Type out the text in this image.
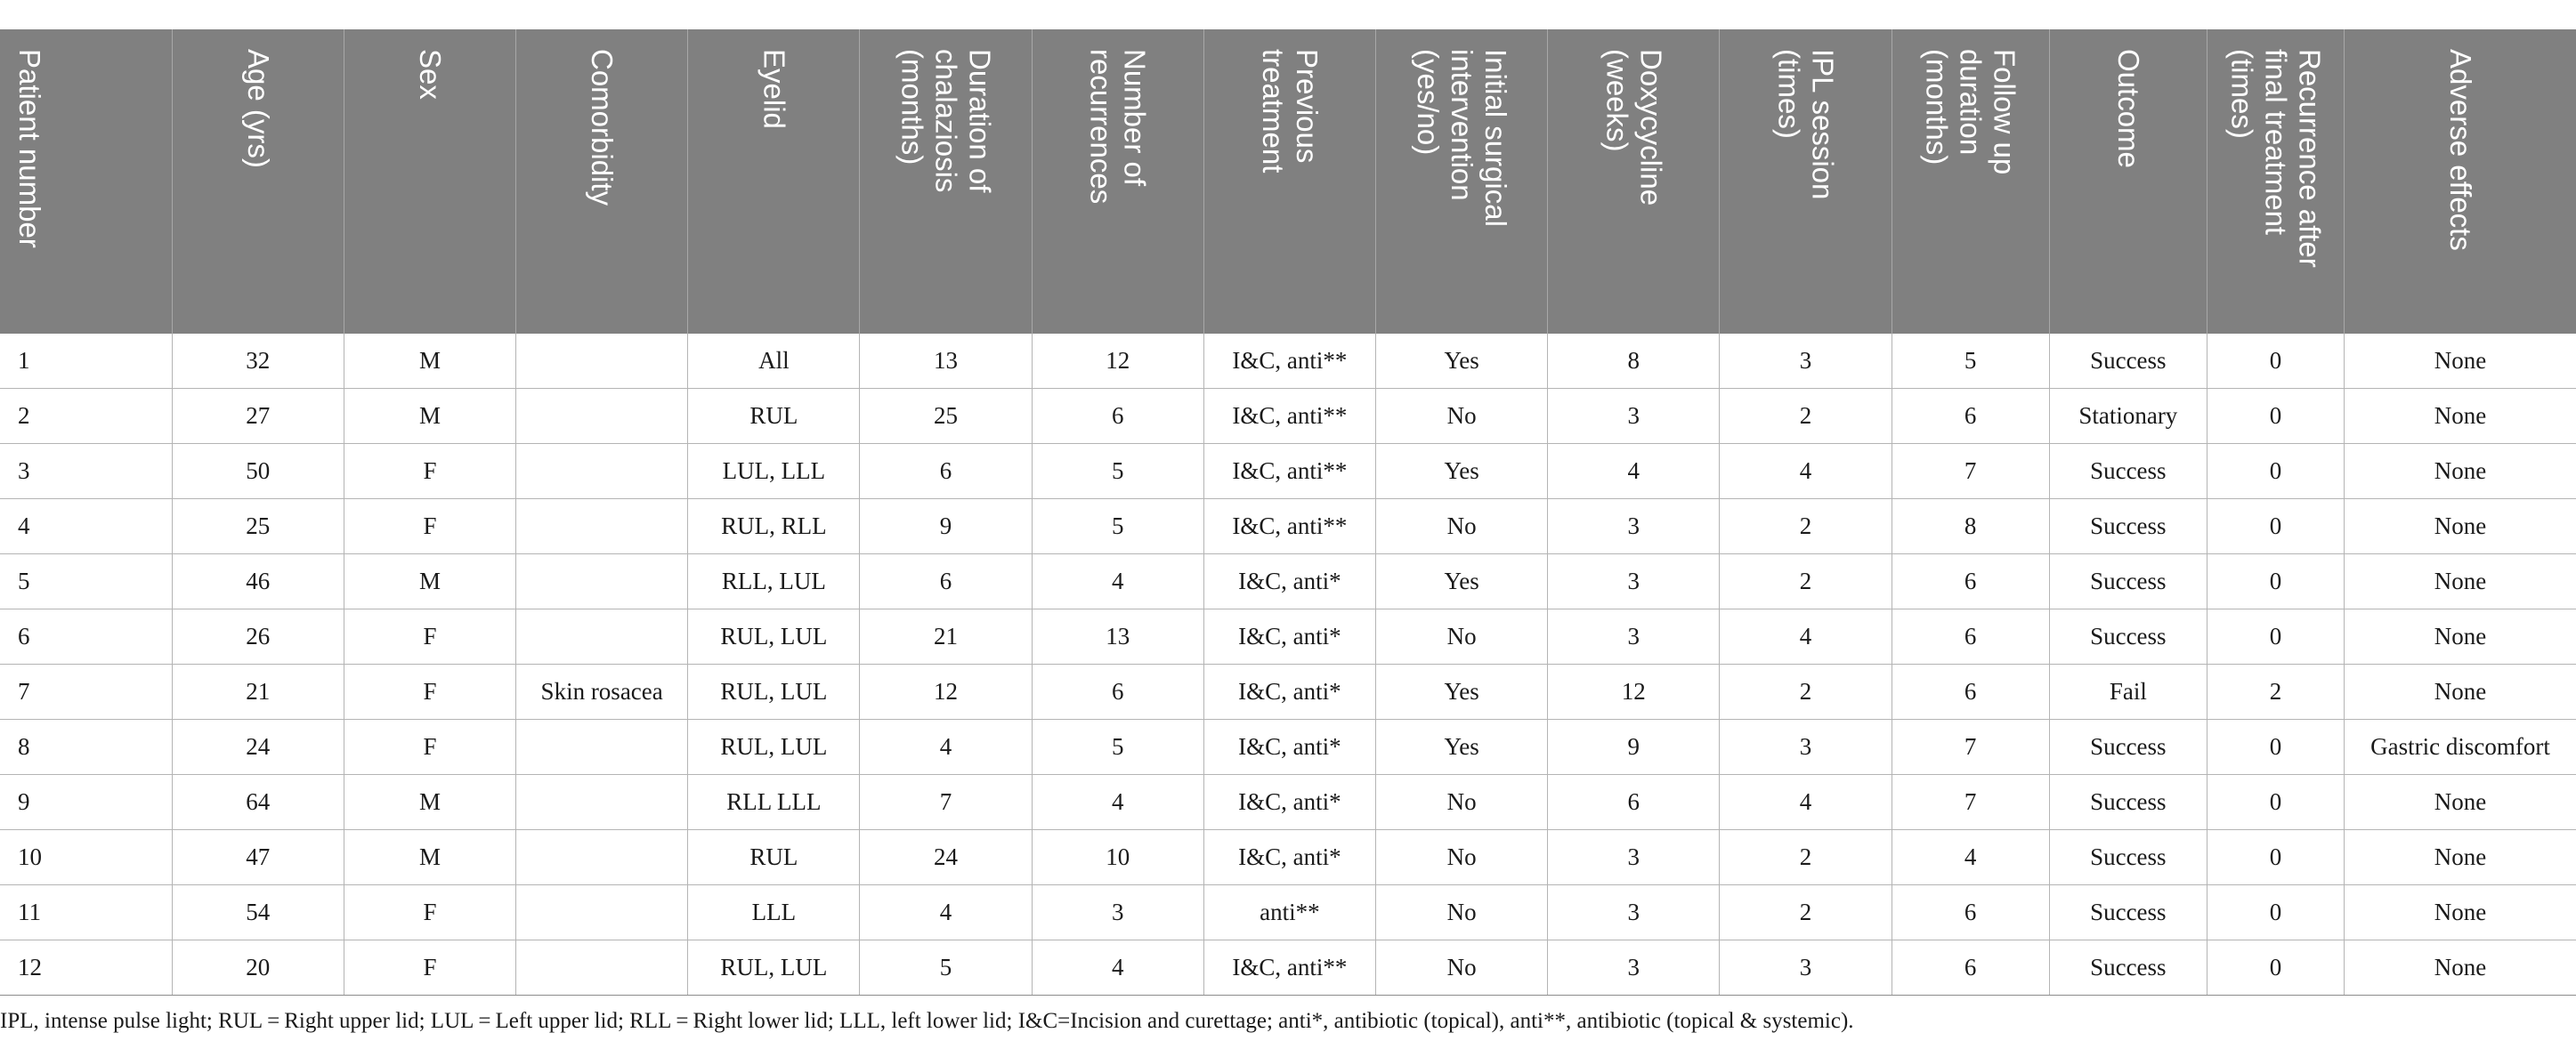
Patient number	Age (yrs)	Sex	Comorbidity	Eyelid	Duration of
chalaziosis
(months)	Number of
recurrences	Previous
treatment	Initial surgical
intervention
(yes/no)	Doxycycline
(weeks)	IPL session
(times)	Follow up
duration
(months)	Outcome	Recurrence after
final treatment
(times)	Adverse effects

1	32	M		All	13	12	I&C, anti**	Yes	8	3	5	Success	0	None
2	27	M		RUL	25	6	I&C, anti**	No	3	2	6	Stationary	0	None
3	50	F		LUL, LLL	6	5	I&C, anti**	Yes	4	4	7	Success	0	None
4	25	F		RUL, RLL	9	5	I&C, anti**	No	3	2	8	Success	0	None
5	46	M		RLL, LUL	6	4	I&C, anti*	Yes	3	2	6	Success	0	None
6	26	F		RUL, LUL	21	13	I&C, anti*	No	3	4	6	Success	0	None
7	21	F	Skin rosacea	RUL, LUL	12	6	I&C, anti*	Yes	12	2	6	Fail	2	None
8	24	F		RUL, LUL	4	5	I&C, anti*	Yes	9	3	7	Success	0	Gastric discomfort
9	64	M		RLL LLL	7	4	I&C, anti*	No	6	4	7	Success	0	None
10	47	M		RUL	24	10	I&C, anti*	No	3	2	4	Success	0	None
11	54	F		LLL	4	3	anti**	No	3	2	6	Success	0	None
12	20	F		RUL, LUL	5	4	I&C, anti**	No	3	3	6	Success	0	None
IPL, intense pulse light; RUL = Right upper lid; LUL = Left upper lid; RLL = Right lower lid; LLL, left lower lid; I&C=Incision and curettage; anti*, antibiotic (topical), anti**, antibiotic (topical & systemic).
